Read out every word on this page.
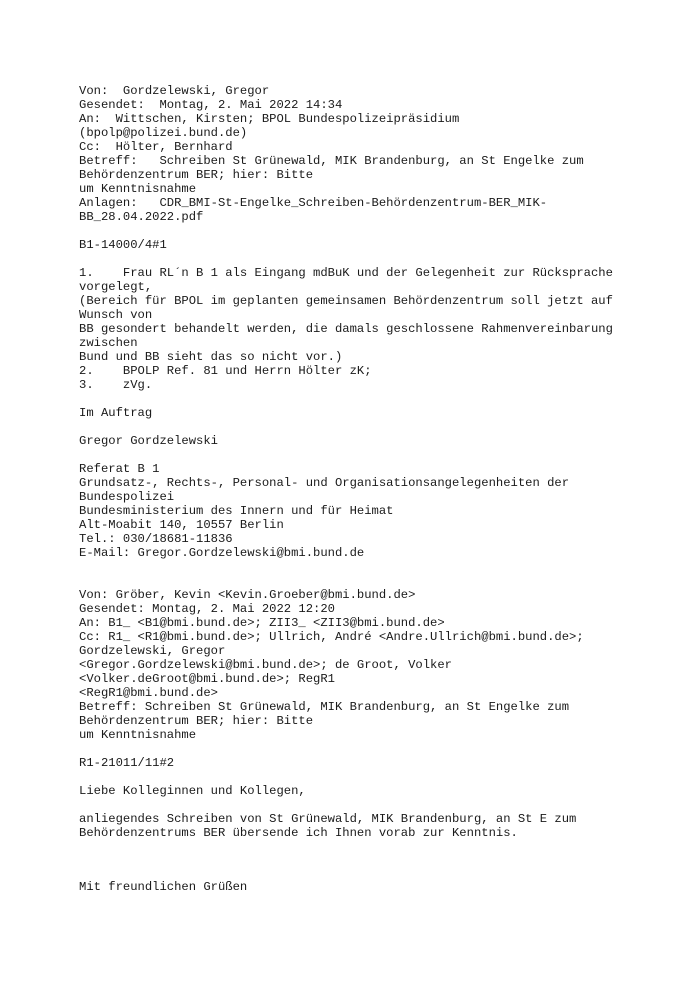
Von:  Gordzelewski, Gregor

Gesendet:  Montag, 2. Mai 2022 14:34

An:  Wittschen, Kirsten; BPOL Bundespolizeipräsidium

(bpolp@polizei.bund.de)

Cc:  Hölter, Bernhard

Betreff:   Schreiben St Grünewald, MIK Brandenburg, an St Engelke zum

Behördenzentrum BER; hier: Bitte

um Kenntnisnahme

Anlagen:   CDR_BMI-St-Engelke_Schreiben-Behördenzentrum-BER_MIK-

BB_28.04.2022.pdf

B1-14000/4#1

1.    Frau RL´n B 1 als Eingang mdBuK und der Gelegenheit zur Rücksprache

vorgelegt,

(Bereich für BPOL im geplanten gemeinsamen Behördenzentrum soll jetzt auf

Wunsch von

BB gesondert behandelt werden, die damals geschlossene Rahmenvereinbarung

zwischen

Bund und BB sieht das so nicht vor.)

2.    BPOLP Ref. 81 und Herrn Hölter zK;

3.    zVg.

Im Auftrag

Gregor Gordzelewski

Referat B 1

Grundsatz-, Rechts-, Personal- und Organisationsangelegenheiten der

Bundespolizei

Bundesministerium des Innern und für Heimat

Alt-Moabit 140, 10557 Berlin

Tel.: 030/18681-11836

E-Mail: Gregor.Gordzelewski@bmi.bund.de

Von: Gröber, Kevin <Kevin.Groeber@bmi.bund.de>

Gesendet: Montag, 2. Mai 2022 12:20

An: B1_ <B1@bmi.bund.de>; ZII3_ <ZII3@bmi.bund.de>

Cc: R1_ <R1@bmi.bund.de>; Ullrich, André <Andre.Ullrich@bmi.bund.de>;

Gordzelewski, Gregor

<Gregor.Gordzelewski@bmi.bund.de>; de Groot, Volker

<Volker.deGroot@bmi.bund.de>; RegR1

<RegR1@bmi.bund.de>

Betreff: Schreiben St Grünewald, MIK Brandenburg, an St Engelke zum

Behördenzentrum BER; hier: Bitte

um Kenntnisnahme

R1-21011/11#2

Liebe Kolleginnen und Kollegen,

anliegendes Schreiben von St Grünewald, MIK Brandenburg, an St E zum

Behördenzentrums BER übersende ich Ihnen vorab zur Kenntnis.

Mit freundlichen Grüßen
